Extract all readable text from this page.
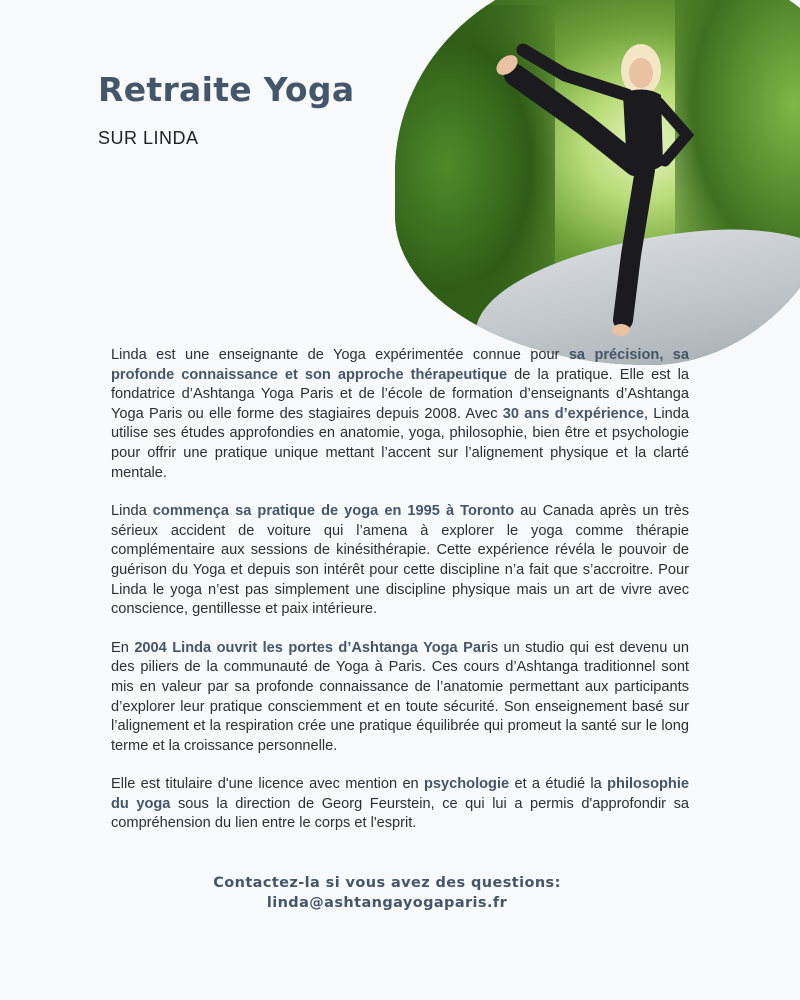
Retraite Yoga

SUR LINDA

Linda est une enseignante de Yoga expérimentée connue pour sa précision, sa profonde connaissance et son approche thérapeutique de la pratique. Elle est la fondatrice d’Ashtanga Yoga Paris et de l’école de formation d’enseignants d’Ashtanga Yoga Paris ou elle forme des stagiaires depuis 2008. Avec 30 ans d’expérience, Linda utilise ses études approfondies en anatomie, yoga, philosophie, bien être et psychologie pour offrir une pratique unique mettant l’accent sur l’alignement physique et la clarté mentale.

Linda commença sa pratique de yoga en 1995 à Toronto au Canada après un très sérieux accident de voiture qui l’amena à explorer le yoga comme thérapie complémentaire aux sessions de kinésithérapie. Cette expérience révéla le pouvoir de guérison du Yoga et depuis son intérêt pour cette discipline n’a fait que s’accroitre. Pour Linda le yoga n’est pas simplement une discipline physique mais un art de vivre avec conscience, gentillesse et paix intérieure.

En 2004 Linda ouvrit les portes d’Ashtanga Yoga Paris un studio qui est devenu un des piliers de la communauté de Yoga à Paris. Ces cours d’Ashtanga traditionnel sont mis en valeur par sa profonde connaissance de l’anatomie permettant aux participants d’explorer leur pratique consciemment et en toute sécurité. Son enseignement basé sur l’alignement et la respiration crée une pratique équilibrée qui promeut la santé sur le long terme et la croissance personnelle.

Elle est titulaire d'une licence avec mention en psychologie et a étudié la philosophie du yoga sous la direction de Georg Feurstein, ce qui lui a permis d'approfondir sa compréhension du lien entre le corps et l'esprit.

Contactez-la si vous avez des questions:
linda@ashtangayogaparis.fr
